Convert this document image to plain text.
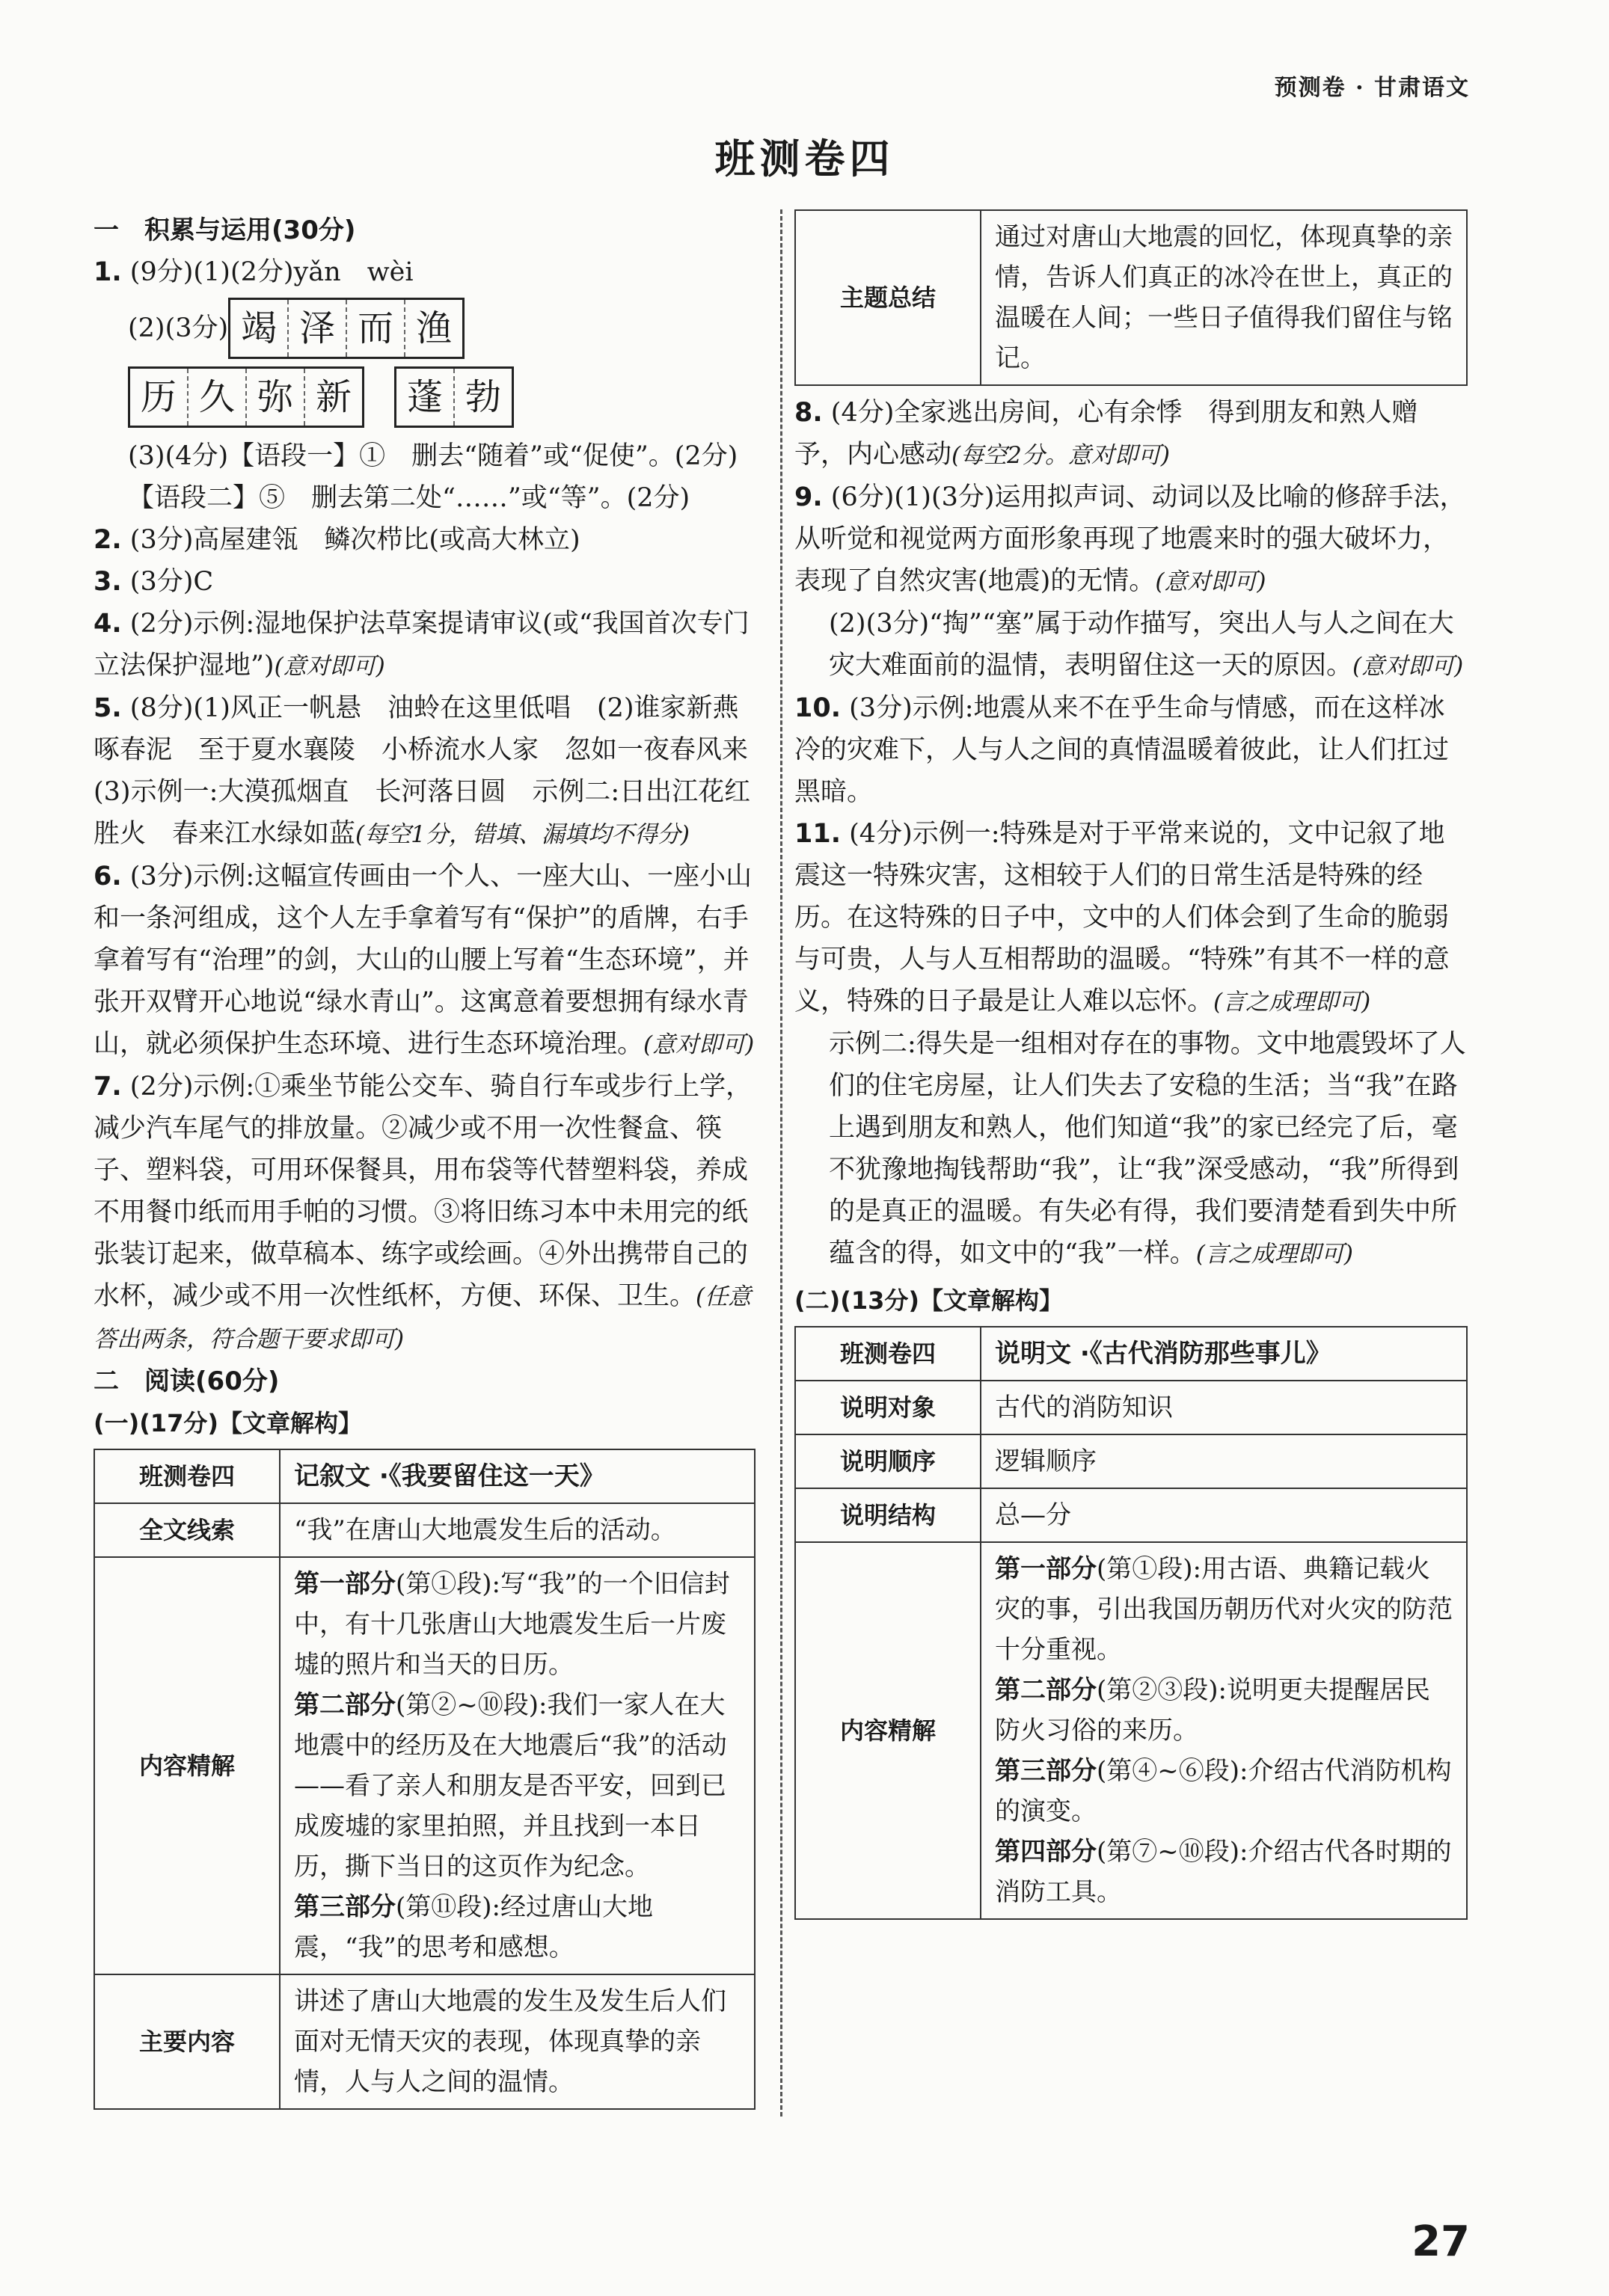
预测卷 · 甘肃语文
班测卷四
一　积累与运用(30分)

1. (9分)(1)(2分)yǎn　wèi

(2)(3分) 竭 泽 而 渔
历 久 弥 新 蓬 勃

(3)(4分)【语段一】①　删去“随着”或“促使”。(2分)

【语段二】⑤　删去第二处“……”或“等”。(2分)

2. (3分)高屋建瓴　鳞次栉比(或高大林立)

3. (3分)C

4. (2分)示例:湿地保护法草案提请审议(或“我国首次专门立法保护湿地”)(意对即可)

5. (8分)(1)风正一帆悬　油蛉在这里低唱　(2)谁家新燕啄春泥　至于夏水襄陵　小桥流水人家　忽如一夜春风来　(3)示例一:大漠孤烟直　长河落日圆　示例二:日出江花红胜火　春来江水绿如蓝(每空1分，错填、漏填均不得分)

6. (3分)示例:这幅宣传画由一个人、一座大山、一座小山和一条河组成，这个人左手拿着写有“保护”的盾牌，右手拿着写有“治理”的剑，大山的山腰上写着“生态环境”，并张开双臂开心地说“绿水青山”。这寓意着要想拥有绿水青山，就必须保护生态环境、进行生态环境治理。(意对即可)

7. (2分)示例:①乘坐节能公交车、骑自行车或步行上学，减少汽车尾气的排放量。②减少或不用一次性餐盒、筷子、塑料袋，可用环保餐具，用布袋等代替塑料袋，养成不用餐巾纸而用手帕的习惯。③将旧练习本中未用完的纸张装订起来，做草稿本、练字或绘画。④外出携带自己的水杯，减少或不用一次性纸杯，方便、环保、卫生。(任意答出两条，符合题干要求即可)

二　阅读(60分)
(一)(17分)【文章解构】
班测卷四	记叙文 ·《我要留住这一天》
全文线索	“我”在唐山大地震发生后的活动。
内容精解	第一部分(第①段):写“我”的一个旧信封中，有十几张唐山大地震发生后一片废墟的照片和当天的日历。
第二部分(第②~⑩段):我们一家人在大地震中的经历及在大地震后“我”的活动——看了亲人和朋友是否平安，回到已成废墟的家里拍照，并且找到一本日历，撕下当日的这页作为纪念。
第三部分(第⑪段):经过唐山大地震，“我”的思考和感想。

主要内容	讲述了唐山大地震的发生及发生后人们面对无情天灾的表现，体现真挚的亲情，人与人之间的温情。
主题总结	通过对唐山大地震的回忆，体现真挚的亲情，告诉人们真正的冰冷在世上，真正的温暖在人间；一些日子值得我们留住与铭记。

8. (4分)全家逃出房间，心有余悸　得到朋友和熟人赠予，内心感动(每空2分。意对即可)

9. (6分)(1)(3分)运用拟声词、动词以及比喻的修辞手法，从听觉和视觉两方面形象再现了地震来时的强大破坏力，表现了自然灾害(地震)的无情。(意对即可)

(2)(3分)“掏”“塞”属于动作描写，突出人与人之间在大灾大难面前的温情，表明留住这一天的原因。(意对即可)

10. (3分)示例:地震从来不在乎生命与情感，而在这样冰冷的灾难下，人与人之间的真情温暖着彼此，让人们扛过黑暗。

11. (4分)示例一:特殊是对于平常来说的，文中记叙了地震这一特殊灾害，这相较于人们的日常生活是特殊的经历。在这特殊的日子中，文中的人们体会到了生命的脆弱与可贵，人与人互相帮助的温暖。“特殊”有其不一样的意义，特殊的日子最是让人难以忘怀。(言之成理即可)

示例二:得失是一组相对存在的事物。文中地震毁坏了人们的住宅房屋，让人们失去了安稳的生活；当“我”在路上遇到朋友和熟人，他们知道“我”的家已经完了后，毫不犹豫地掏钱帮助“我”，让“我”深受感动，“我”所得到的是真正的温暖。有失必有得，我们要清楚看到失中所蕴含的得，如文中的“我”一样。(言之成理即可)

(二)(13分)【文章解构】
班测卷四	说明文 ·《古代消防那些事儿》
说明对象	古代的消防知识
说明顺序	逻辑顺序
说明结构	总—分
内容精解	第一部分(第①段):用古语、典籍记载火灾的事，引出我国历朝历代对火灾的防范十分重视。
第二部分(第②③段):说明更夫提醒居民防火习俗的来历。
第三部分(第④~⑥段):介绍古代消防机构的演变。
第四部分(第⑦~⑩段):介绍古代各时期的消防工具。
27
